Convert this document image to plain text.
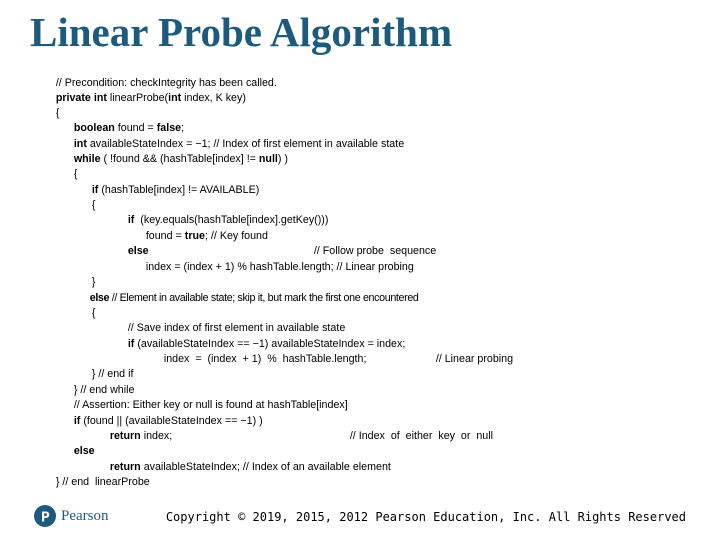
Linear Probe Algorithm

// Precondition: checkIntegrity has been called.

private int linearProbe(int index, K key)

{

boolean found = false;

int availableStateIndex = −1; // Index of first element in available state

while ( !found && (hashTable[index] != null) )

{

if (hashTable[index] != AVAILABLE)

{

if  (key.equals(hashTable[index].getKey()))

found = true; // Key found

else
	// Follow probe  sequence

index = (index + 1) % hashTable.length; // Linear probing

}

else // Element in available state; skip it, but mark the first one encountered

{

// Save index of first element in available state

if (availableStateIndex == −1) availableStateIndex = index;

index  =  (index  + 1)  %  hashTable.length;
	// Linear probing

} // end if

} // end while

// Assertion: Either key or null is found at hashTable[index]

if (found || (availableStateIndex == −1) )

return index;
	// Index  of  either  key  or  null

else

return availableStateIndex; // Index of an available element

} // end  linearProbe

Pearson	Copyright © 2019, 2015, 2012 Pearson Education, Inc. All Rights Reserved
